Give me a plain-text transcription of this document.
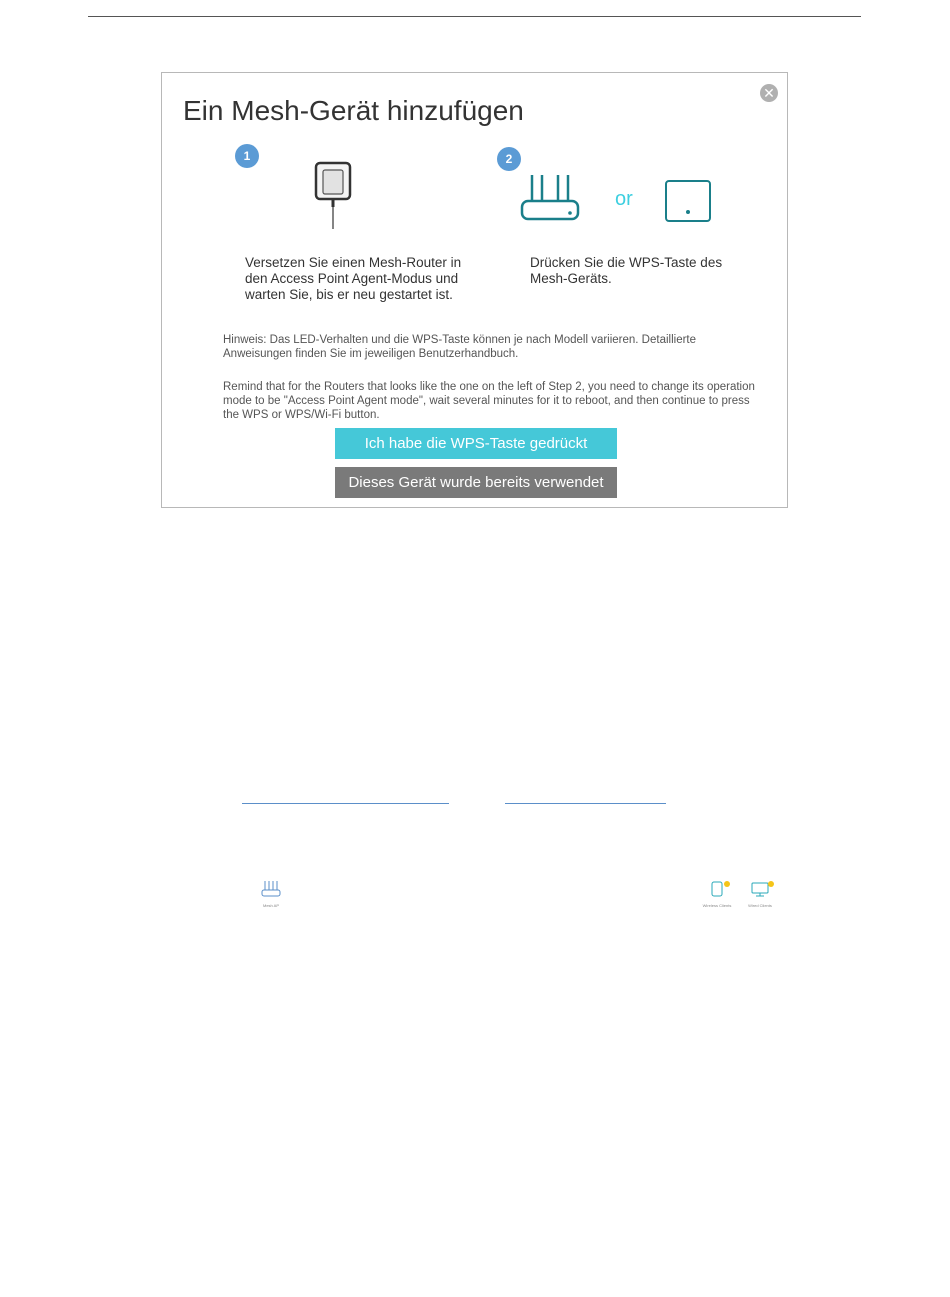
Ein Mesh-Gerät hinzufügen
✕
1	2
or
Versetzen Sie einen Mesh-Router in den Access Point Agent-Modus und warten Sie, bis er neu gestartet ist.
Drücken Sie die WPS-Taste des Mesh-Geräts.
Hinweis: Das LED-Verhalten und die WPS-Taste können je nach Modell variieren. Detaillierte Anweisungen finden Sie im jeweiligen Benutzerhandbuch.
Remind that for the Routers that looks like the one on the left of Step 2, you need to change its operation mode to be "Access Point Agent mode", wait several minutes for it to reboot, and then continue to press the WPS or WPS/Wi-Fi button.
Ich habe die WPS-Taste gedrückt
Dieses Gerät wurde bereits verwendet
Mesh AP	Wireless Clients	Wired Clients
